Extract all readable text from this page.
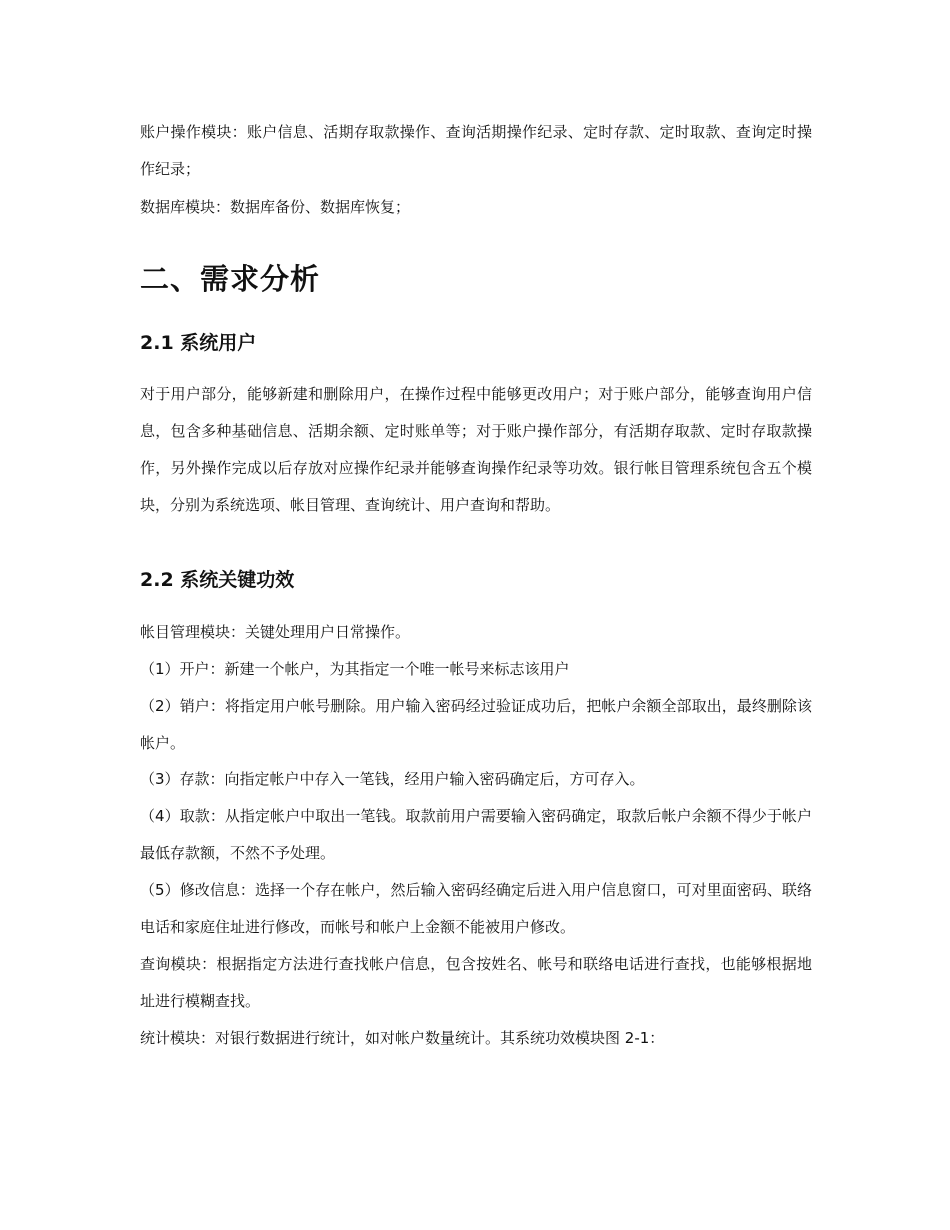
账户操作模块：账户信息、活期存取款操作、查询活期操作纪录、定时存款、定时取款、查询定时操作纪录；

数据库模块：数据库备份、数据库恢复；

二、需求分析
2.1 系统用户

对于用户部分，能够新建和删除用户，在操作过程中能够更改用户；对于账户部分，能够查询用户信息，包含多种基础信息、活期余额、定时账单等；对于账户操作部分，有活期存取款、定时存取款操作，另外操作完成以后存放对应操作纪录并能够查询操作纪录等功效。银行帐目管理系统包含五个模块，分别为系统选项、帐目管理、查询统计、用户查询和帮助。

2.2 系统关键功效

帐目管理模块：关键处理用户日常操作。

（1）开户：新建一个帐户，为其指定一个唯一帐号来标志该用户

（2）销户：将指定用户帐号删除。用户输入密码经过验证成功后，把帐户余额全部取出，最终删除该帐户。

（3）存款：向指定帐户中存入一笔钱，经用户输入密码确定后，方可存入。

（4）取款：从指定帐户中取出一笔钱。取款前用户需要输入密码确定，取款后帐户余额不得少于帐户最低存款额，不然不予处理。

（5）修改信息：选择一个存在帐户，然后输入密码经确定后进入用户信息窗口，可对里面密码、联络电话和家庭住址进行修改，而帐号和帐户上金额不能被用户修改。

查询模块：根据指定方法进行查找帐户信息，包含按姓名、帐号和联络电话进行查找，也能够根据地址进行模糊查找。

统计模块：对银行数据进行统计，如对帐户数量统计。其系统功效模块图 2-1：
